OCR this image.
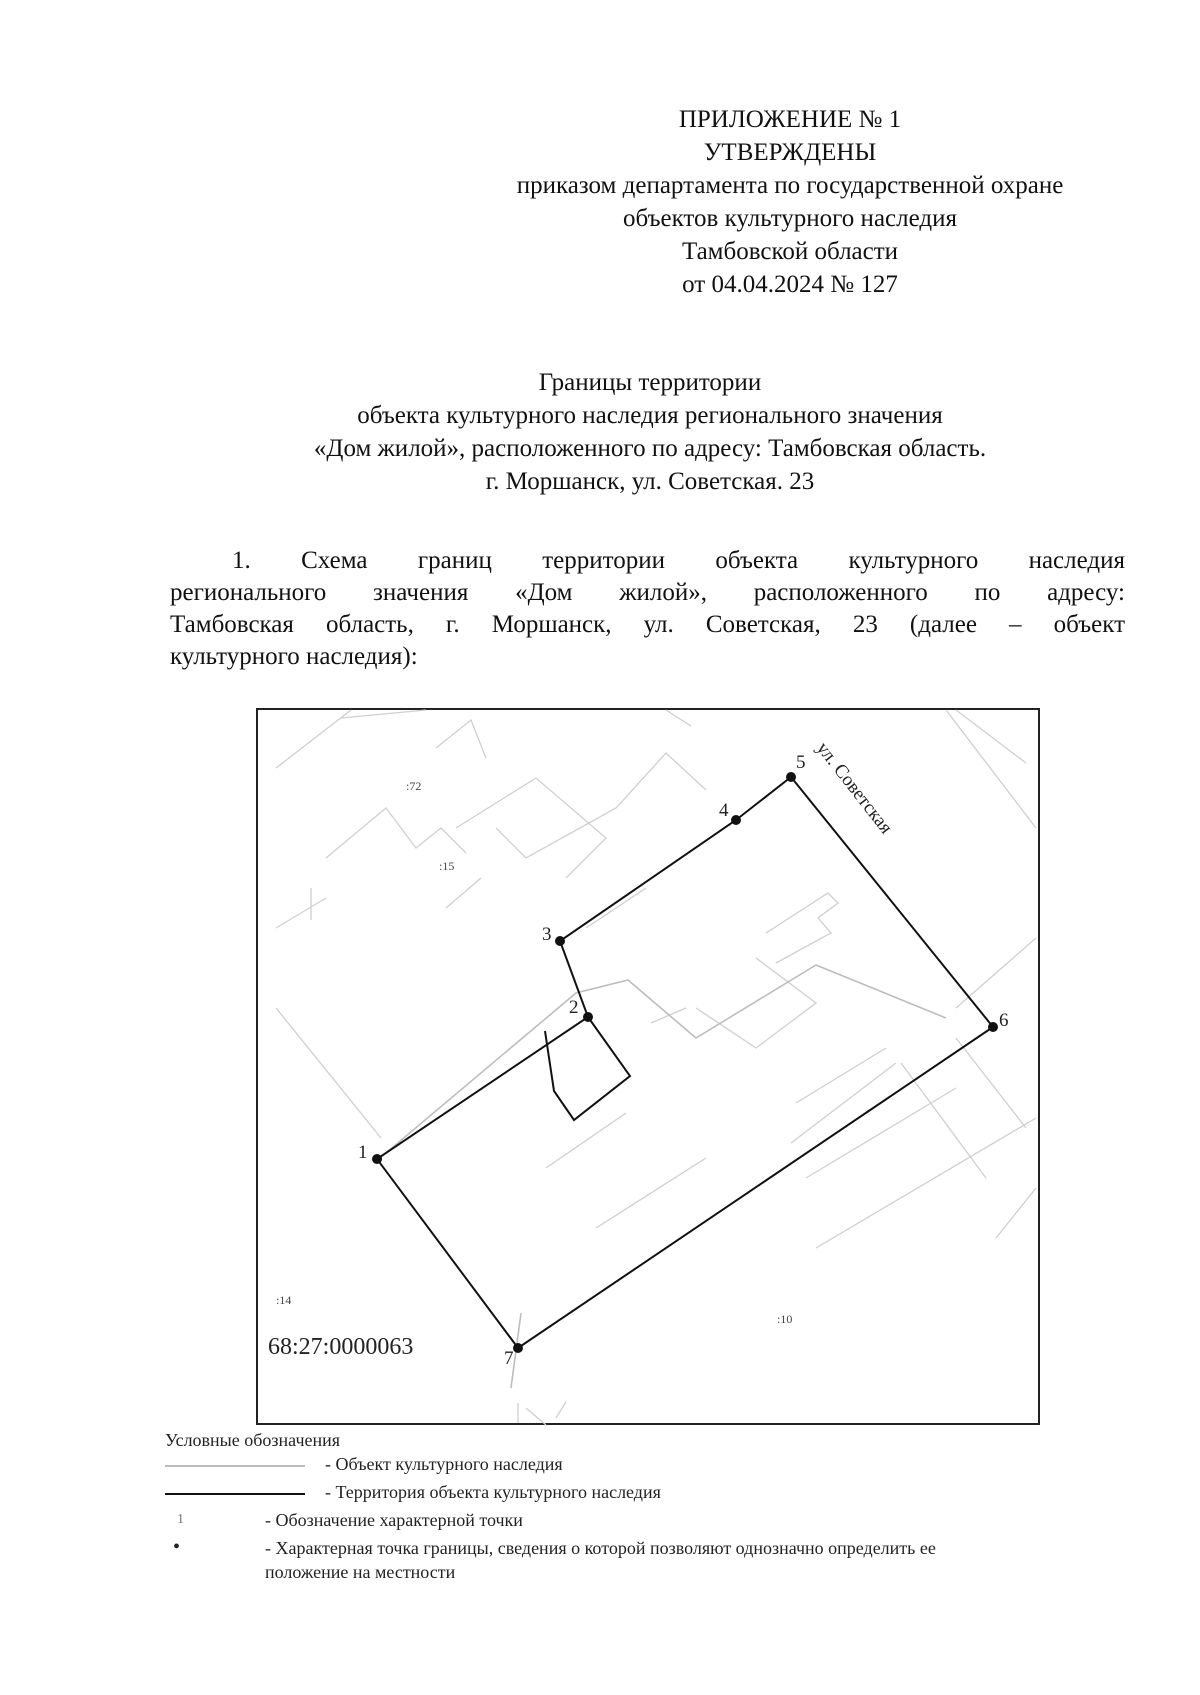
ПРИЛОЖЕНИЕ № 1
УТВЕРЖДЕНЫ
приказом департамента по государственной охране
объектов культурного наследия
Тамбовской области
от 04.04.2024 № 127
Границы территории
объекта культурного наследия регионального значения
«Дом жилой», расположенного по адресу: Тамбовская область.
г. Моршанск, ул. Советская. 23
1. Схема границ территории объекта культурного наследия
регионального значения «Дом жилой», расположенного по адресу:
Тамбовская область, г. Моршанск, ул. Советская, 23 (далее – объект
культурного наследия):
1
2
3
4
5
6
7
:72
:15
:14
:10
68:27:0000063
ул. Советская
Условные обозначения
- Объект культурного наследия
- Территория объекта культурного наследия
1	- Обозначение характерной точки
•	- Характерная точка границы, сведения о которой позволяют однозначно определить ее
положение на местности
